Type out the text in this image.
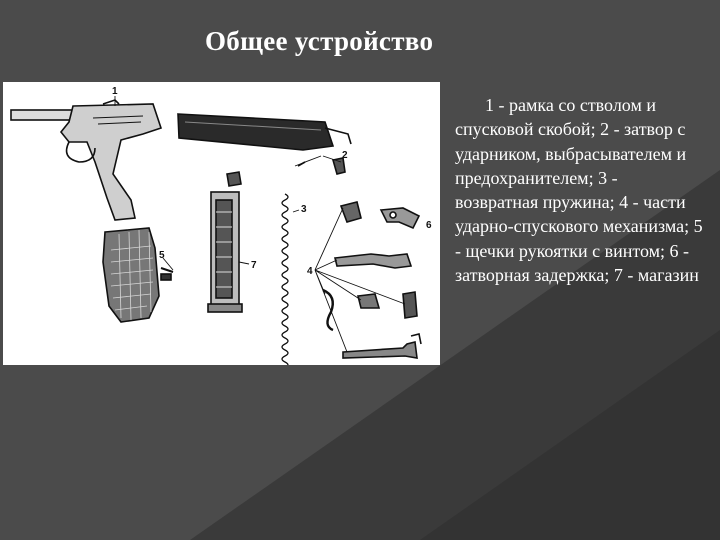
Общее устройство
1
2
3
4
5
6
7
1 - рамка со стволом и спусковой скобой; 2 - затвор с ударником, выбрасывателем и предохранителем; 3 - возвратная пружина; 4 - части ударно-спускового механизма; 5 - щечки рукоятки с винтом; 6 - затворная задержка; 7 - магазин
